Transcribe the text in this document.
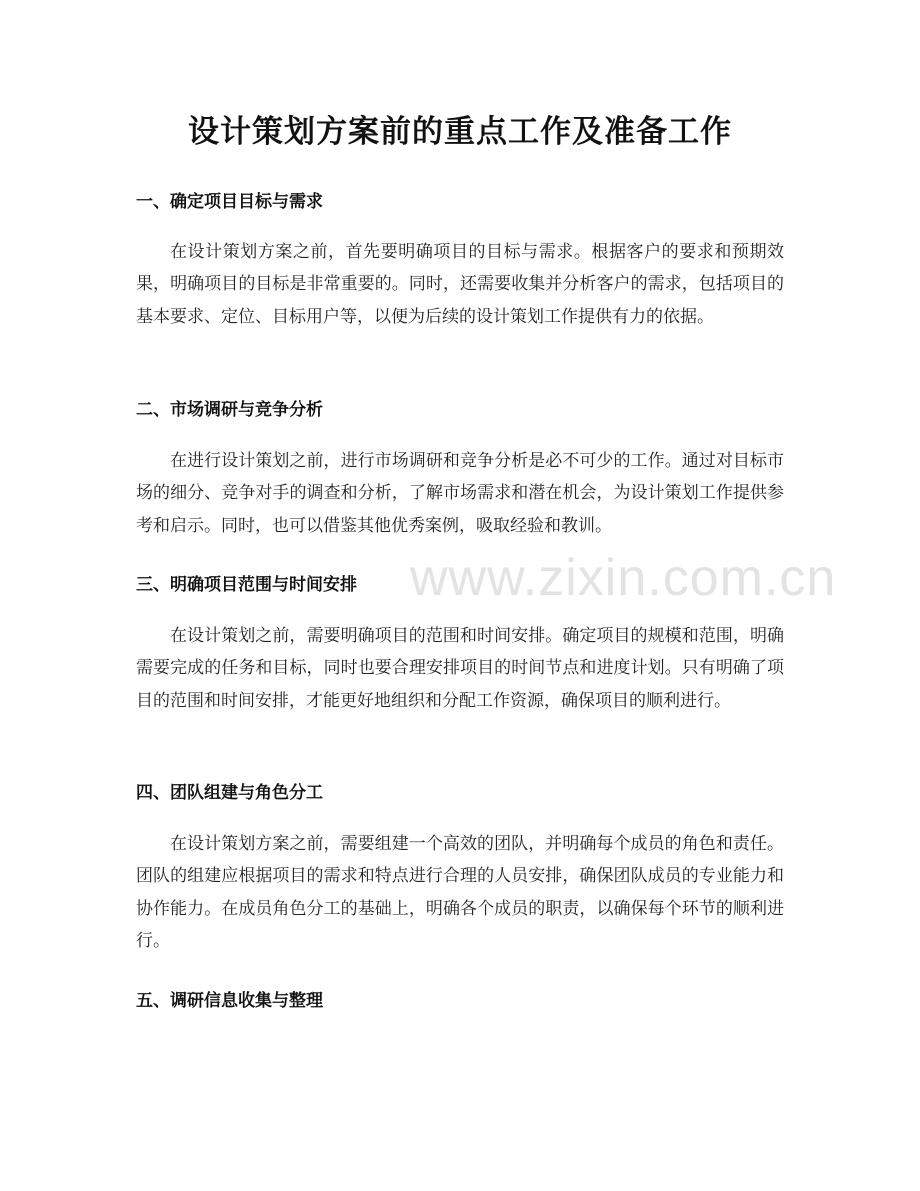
设计策划方案前的重点工作及准备工作
一、确定项目目标与需求

在设计策划方案之前，首先要明确项目的目标与需求。根据客户的要求和预期效果，明确项目的目标是非常重要的。同时，还需要收集并分析客户的需求，包括项目的基本要求、定位、目标用户等，以便为后续的设计策划工作提供有力的依据。

二、市场调研与竞争分析

在进行设计策划之前，进行市场调研和竞争分析是必不可少的工作。通过对目标市场的细分、竞争对手的调查和分析，了解市场需求和潜在机会，为设计策划工作提供参考和启示。同时，也可以借鉴其他优秀案例，吸取经验和教训。

三、明确项目范围与时间安排

在设计策划之前，需要明确项目的范围和时间安排。确定项目的规模和范围，明确需要完成的任务和目标，同时也要合理安排项目的时间节点和进度计划。只有明确了项目的范围和时间安排，才能更好地组织和分配工作资源，确保项目的顺利进行。

四、团队组建与角色分工

在设计策划方案之前，需要组建一个高效的团队，并明确每个成员的角色和责任。团队的组建应根据项目的需求和特点进行合理的人员安排，确保团队成员的专业能力和协作能力。在成员角色分工的基础上，明确各个成员的职责，以确保每个环节的顺利进行。

五、调研信息收集与整理
www.zixin.com.cn
